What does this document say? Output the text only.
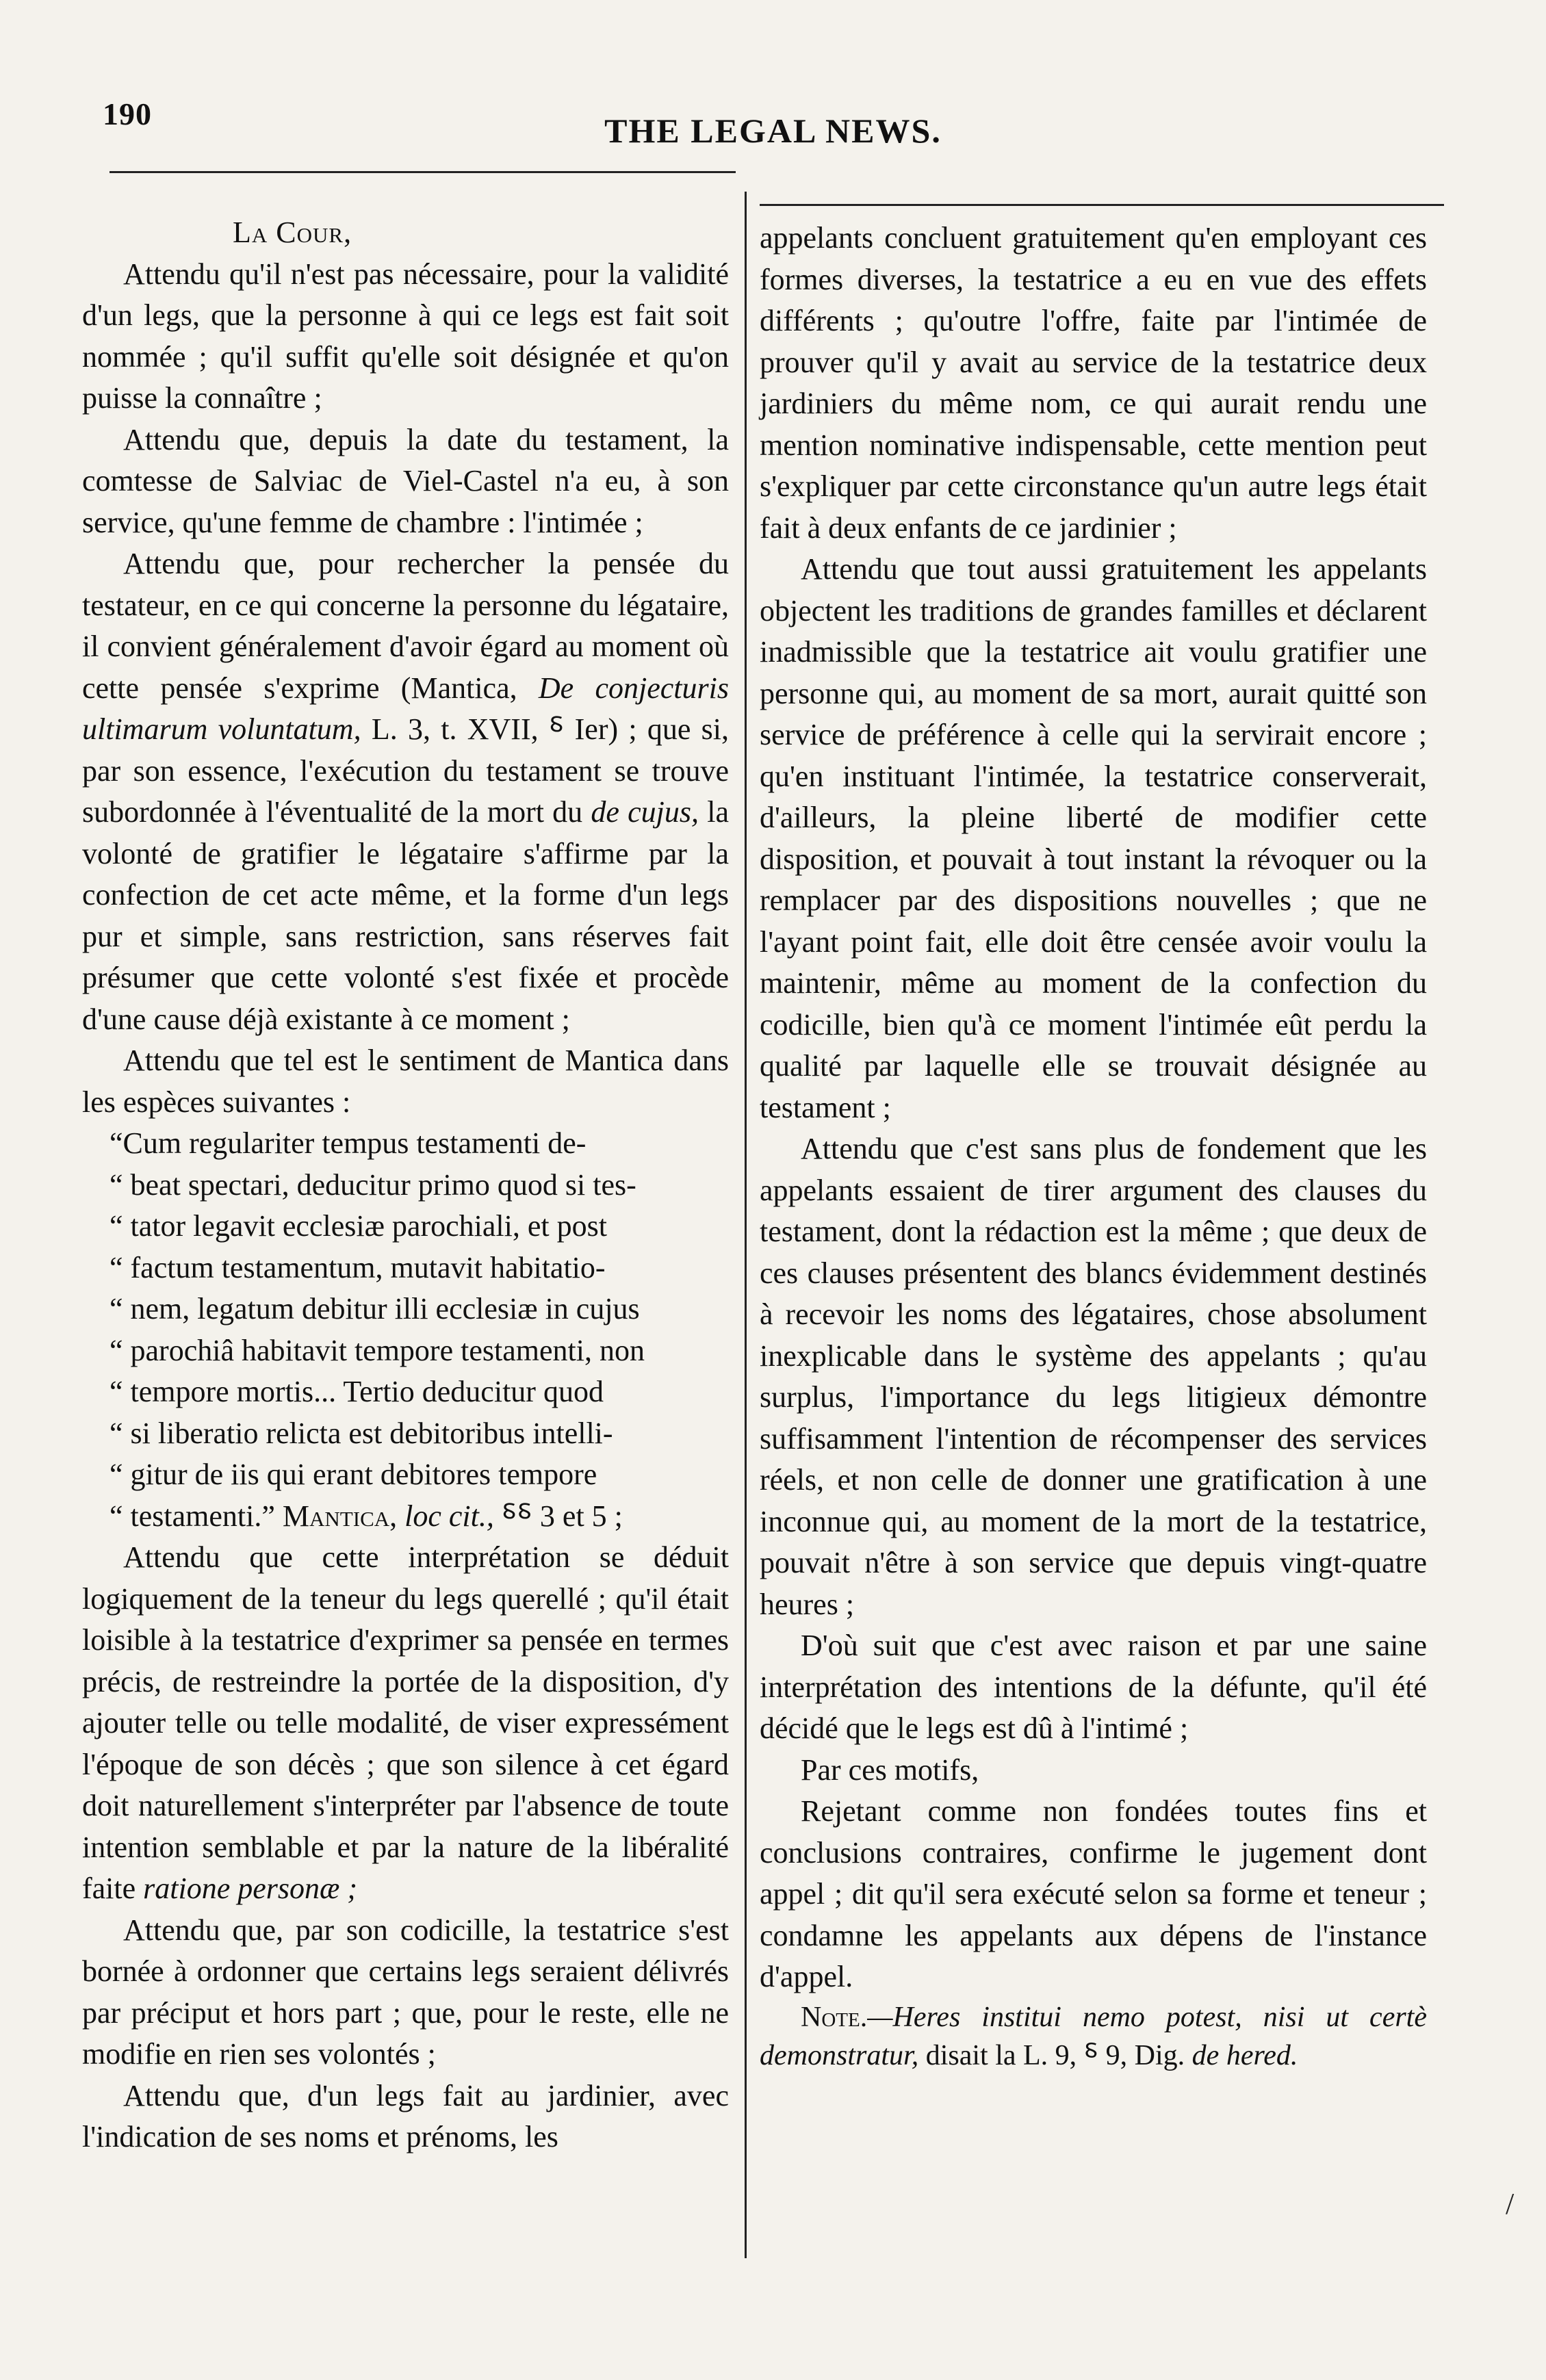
190	THE LEGAL NEWS.

La Cour,

Attendu qu'il n'est pas nécessaire, pour la validité d'un legs, que la personne à qui ce legs est fait soit nommée ; qu'il suffit qu'elle soit désignée et qu'on puisse la connaître ;

Attendu que, depuis la date du testament, la comtesse de Salviac de Viel-Castel n'a eu, à son service, qu'une femme de chambre : l'intimée ;

Attendu que, pour rechercher la pensée du testateur, en ce qui concerne la personne du légataire, il convient généralement d'avoir égard au moment où cette pensée s'exprime (Mantica, De conjecturis ultimarum voluntatum, L. 3, t. XVII, ⸹ Ier) ; que si, par son essence, l'exécution du testament se trouve subordonnée à l'éventualité de la mort du de cujus, la volonté de gratifier le légataire s'affirme par la confection de cet acte même, et la forme d'un legs pur et simple, sans restriction, sans réserves fait présumer que cette volonté s'est fixée et procède d'une cause déjà existante à ce moment ;

Attendu que tel est le sentiment de Mantica dans les espèces suivantes :

“Cum regulariter tempus testamenti de-

“ beat spectari, deducitur primo quod si tes-

“ tator legavit ecclesiæ parochiali, et post

“ factum testamentum, mutavit habitatio-

“ nem, legatum debitur illi ecclesiæ in cujus

“ parochiâ habitavit tempore testamenti, non

“ tempore mortis... Tertio deducitur quod

“ si liberatio relicta est debitoribus intelli-

“ gitur de iis qui erant debitores tempore

“ testamenti.” Mantica, loc cit., ⸹⸹ 3 et 5 ;

Attendu que cette interprétation se déduit logiquement de la teneur du legs querellé ; qu'il était loisible à la testatrice d'exprimer sa pensée en termes précis, de restreindre la portée de la disposition, d'y ajouter telle ou telle modalité, de viser expressément l'époque de son décès ; que son silence à cet égard doit naturellement s'interpréter par l'absence de toute intention semblable et par la nature de la libéralité faite ratione personæ ;

Attendu que, par son codicille, la testatrice s'est bornée à ordonner que certains legs seraient délivrés par préciput et hors part ; que, pour le reste, elle ne modifie en rien ses volontés ;

Attendu que, d'un legs fait au jardinier, avec l'indication de ses noms et prénoms, les

appelants concluent gratuitement qu'en employant ces formes diverses, la testatrice a eu en vue des effets différents ; qu'outre l'offre, faite par l'intimée de prouver qu'il y avait au service de la testatrice deux jardiniers du même nom, ce qui aurait rendu une mention nominative indispensable, cette mention peut s'expliquer par cette circonstance qu'un autre legs était fait à deux enfants de ce jardinier ;

Attendu que tout aussi gratuitement les appelants objectent les traditions de grandes familles et déclarent inadmissible que la testatrice ait voulu gratifier une personne qui, au moment de sa mort, aurait quitté son service de préférence à celle qui la servirait encore ; qu'en instituant l'intimée, la testatrice conserverait, d'ailleurs, la pleine liberté de modifier cette disposition, et pouvait à tout instant la révoquer ou la remplacer par des dispositions nouvelles ; que ne l'ayant point fait, elle doit être censée avoir voulu la maintenir, même au moment de la confection du codicille, bien qu'à ce moment l'intimée eût perdu la qualité par laquelle elle se trouvait désignée au testament ;

Attendu que c'est sans plus de fondement que les appelants essaient de tirer argument des clauses du testament, dont la rédaction est la même ; que deux de ces clauses présentent des blancs évidemment destinés à recevoir les noms des légataires, chose absolument inexplicable dans le système des appelants ; qu'au surplus, l'importance du legs litigieux démontre suffisamment l'intention de récompenser des services réels, et non celle de donner une gratification à une inconnue qui, au moment de la mort de la testatrice, pouvait n'être à son service que depuis vingt-quatre heures ;

D'où suit que c'est avec raison et par une saine interprétation des intentions de la défunte, qu'il été décidé que le legs est dû à l'intimé ;

Par ces motifs,

Rejetant comme non fondées toutes fins et conclusions contraires, confirme le jugement dont appel ; dit qu'il sera exécuté selon sa forme et teneur ; condamne les appelants aux dépens de l'instance d'appel.

Note.—Heres institui nemo potest, nisi ut certè demonstratur, disait la L. 9, ⸹ 9, Dig. de hered.

/
